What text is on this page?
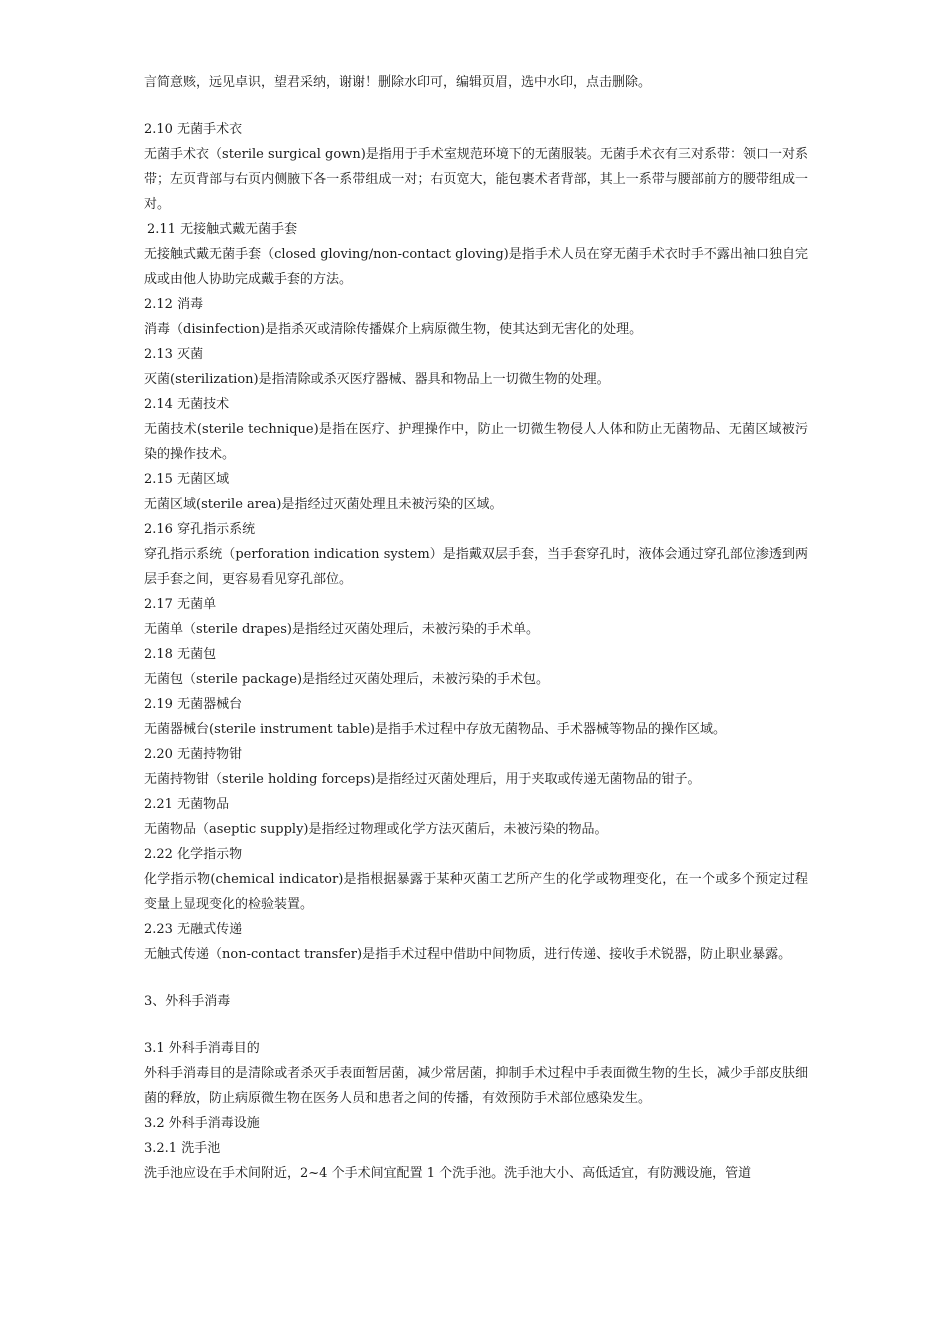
言简意赅，远见卓识，望君采纳，谢谢！删除水印可，编辑页眉，选中水印，点击删除。

2.10 无菌手术衣

无菌手术衣（sterile surgical gown)是指用于手术室规范环境下的无菌服装。无菌手术衣有三对系带：领口一对系带；左页背部与右页内侧腋下各一系带组成一对；右页宽大，能包裹术者背部，其上一系带与腰部前方的腰带组成一对。

2.11 无接触式戴无菌手套

无接触式戴无菌手套（closed gloving/non-contact gloving)是指手术人员在穿无菌手术衣时手不露出袖口独自完成或由他人协助完成戴手套的方法。

2.12 消毒

消毒（disinfection)是指杀灭或清除传播媒介上病原微生物，使其达到无害化的处理。

2.13 灭菌

灭菌(sterilization)是指清除或杀灭医疗器械、器具和物品上一切微生物的处理。

2.14 无菌技术

无菌技术(sterile technique)是指在医疗、护理操作中，防止一切微生物侵人人体和防止无菌物品、无菌区域被污染的操作技术。

2.15 无菌区域

无菌区域(sterile area)是指经过灭菌处理且未被污染的区域。

2.16 穿孔指示系统

穿孔指示系统（perforation indication system）是指戴双层手套，当手套穿孔时，液体会通过穿孔部位渗透到两层手套之间，更容易看见穿孔部位。

2.17 无菌单

无菌单（sterile drapes)是指经过灭菌处理后，未被污染的手术单。

2.18 无菌包

无菌包（sterile package)是指经过灭菌处理后，未被污染的手术包。

2.19 无菌器械台

无菌器械台(sterile instrument table)是指手术过程中存放无菌物品、手术器械等物品的操作区域。

2.20 无菌持物钳

无菌持物钳（sterile holding forceps)是指经过灭菌处理后，用于夹取或传递无菌物品的钳子。

2.21 无菌物品

无菌物品（aseptic supply)是指经过物理或化学方法灭菌后，未被污染的物品。

2.22 化学指示物

化学指示物(chemical indicator)是指根据暴露于某种灭菌工艺所产生的化学或物理变化，在一个或多个预定过程变量上显现变化的检验装置。

2.23 无融式传递

无触式传递（non-contact transfer)是指手术过程中借助中间物质，进行传递、接收手术锐器，防止职业暴露。

3、外科手消毒

3.1 外科手消毒目的

外科手消毒目的是清除或者杀灭手表面暂居菌，减少常居菌，抑制手术过程中手表面微生物的生长，减少手部皮肤细菌的释放，防止病原微生物在医务人员和患者之间的传播，有效预防手术部位感染发生。

3.2 外科手消毒设施

3.2.1 洗手池

洗手池应设在手术间附近，2~4 个手术间宜配置 1 个洗手池。洗手池大小、高低适宜，有防溅设施，管道
